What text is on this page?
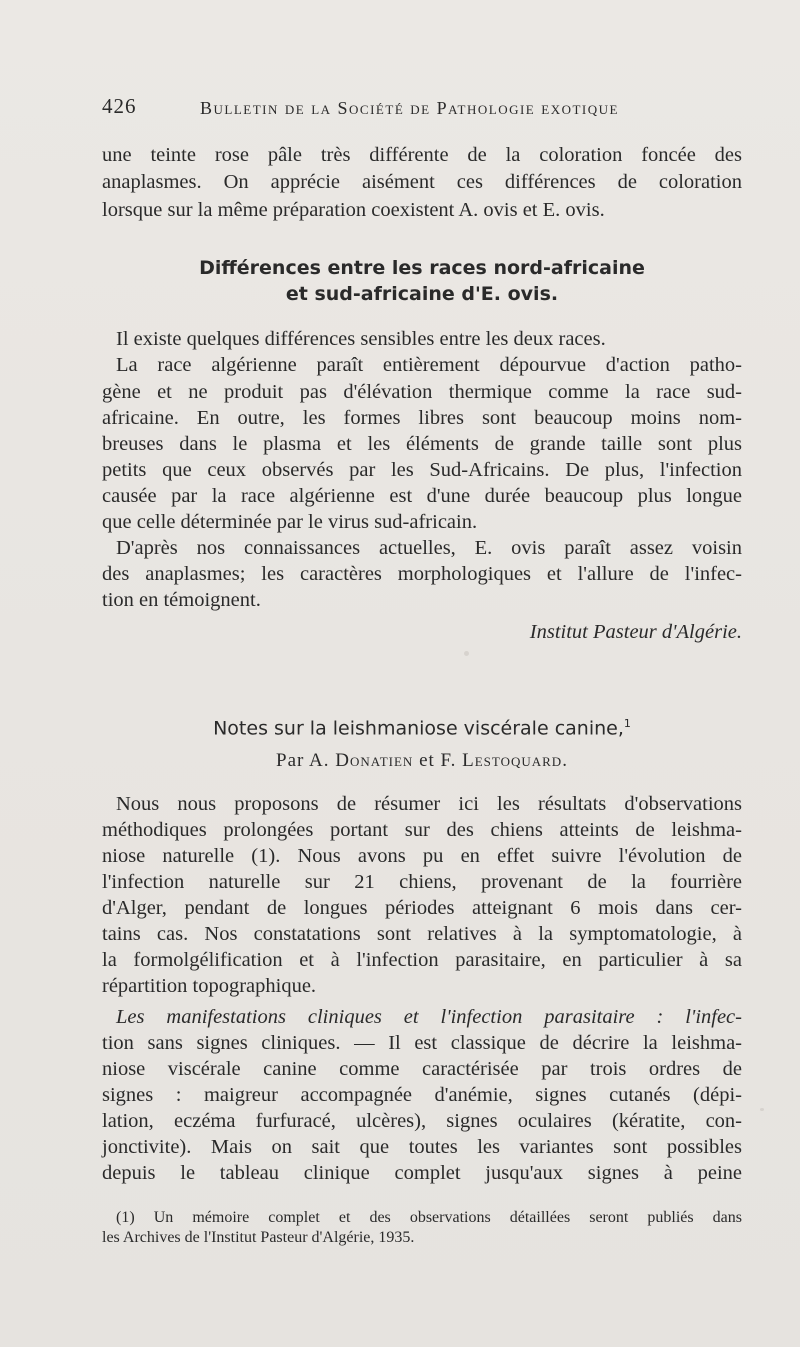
426	Bulletin de la Société de Pathologie exotique
une teinte rose pâle très différente de la coloration foncée des
anaplasmes. On apprécie aisément ces différences de coloration
lorsque sur la même préparation coexistent A. ovis et E. ovis.
Différences entre les races nord-africaine
et sud-africaine d'E. ovis.
Il existe quelques différences sensibles entre les deux races.
La race algérienne paraît entièrement dépourvue d'action patho-
gène et ne produit pas d'élévation thermique comme la race sud-
africaine. En outre, les formes libres sont beaucoup moins nom-
breuses dans le plasma et les éléments de grande taille sont plus
petits que ceux observés par les Sud-Africains. De plus, l'infection
causée par la race algérienne est d'une durée beaucoup plus longue
que celle déterminée par le virus sud-africain.
D'après nos connaissances actuelles, E. ovis paraît assez voisin
des anaplasmes; les caractères morphologiques et l'allure de l'infec-
tion en témoignent.
Institut Pasteur d'Algérie.
Notes sur la leishmaniose viscérale canine,$^1$
Par A. Donatien et F. Lestoquard.
Nous nous proposons de résumer ici les résultats d'observations
méthodiques prolongées portant sur des chiens atteints de leishma-
niose naturelle (1). Nous avons pu en effet suivre l'évolution de
l'infection naturelle sur 21 chiens, provenant de la fourrière
d'Alger, pendant de longues périodes atteignant 6 mois dans cer-
tains cas. Nos constatations sont relatives à la symptomatologie, à
la formolgélification et à l'infection parasitaire, en particulier à sa
répartition topographique.
Les manifestations cliniques et l'infection parasitaire : l'infec-
tion sans signes cliniques. — Il est classique de décrire la leishma-
niose viscérale canine comme caractérisée par trois ordres de
signes : maigreur accompagnée d'anémie, signes cutanés (dépi-
lation, eczéma furfuracé, ulcères), signes oculaires (kératite, con-
jonctivite). Mais on sait que toutes les variantes sont possibles
depuis le tableau clinique complet jusqu'aux signes à peine
(1) Un mémoire complet et des observations détaillées seront publiés dans
les Archives de l'Institut Pasteur d'Algérie, 1935.
